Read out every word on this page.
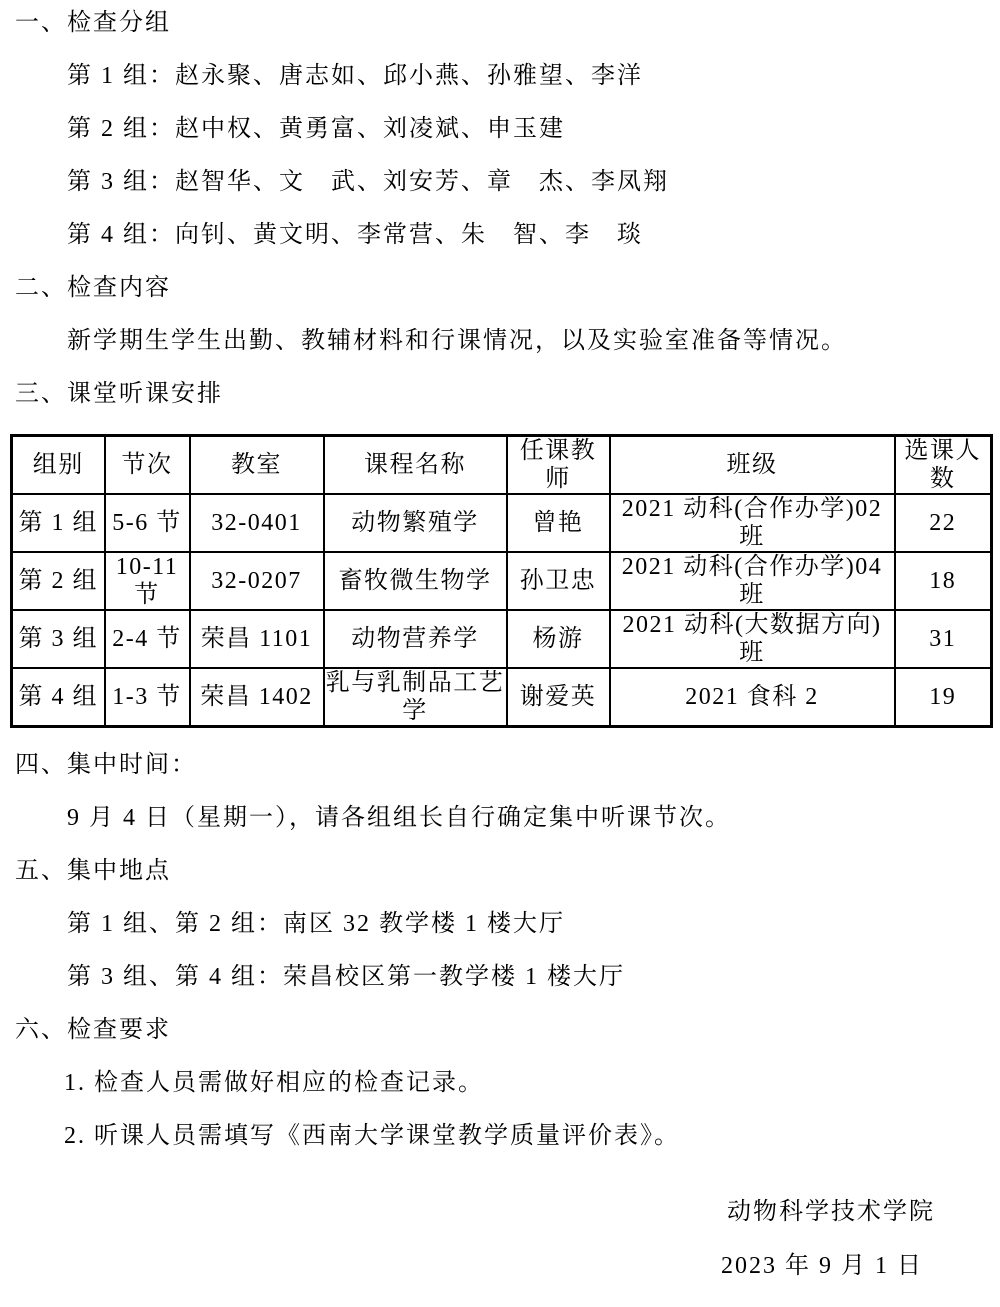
一、检查分组

第 1 组：赵永聚、唐志如、邱小燕、孙雅望、李洋

第 2 组：赵中权、黄勇富、刘凌斌、申玉建

第 3 组：赵智华、文　武、刘安芳、章　杰、李凤翔

第 4 组：向钊、黄文明、李常营、朱　智、李　琰

二、检查内容

新学期生学生出勤、教辅材料和行课情况，以及实验室准备等情况。

三、课堂听课安排

组别	节次	教室	课程名称	任课教师	班级	选课人数
第 1 组	5-6 节	32-0401	动物繁殖学	曾艳	2021 动科(合作办学)02 班	22
第 2 组	10-11 节	32-0207	畜牧微生物学	孙卫忠	2021 动科(合作办学)04 班	18
第 3 组	2-4 节	荣昌 1101	动物营养学	杨游	2021 动科(大数据方向)班	31
第 4 组	1-3 节	荣昌 1402	乳与乳制品工艺学	谢爱英	2021 食科 2	19

四、集中时间：

9 月 4 日（星期一），请各组组长自行确定集中听课节次。

五、集中地点

第 1 组、第 2 组：南区 32 教学楼 1 楼大厅

第 3 组、第 4 组：荣昌校区第一教学楼 1 楼大厅

六、检查要求

1. 检查人员需做好相应的检查记录。

2. 听课人员需填写《西南大学课堂教学质量评价表》。

动物科学技术学院

2023 年 9 月 1 日
